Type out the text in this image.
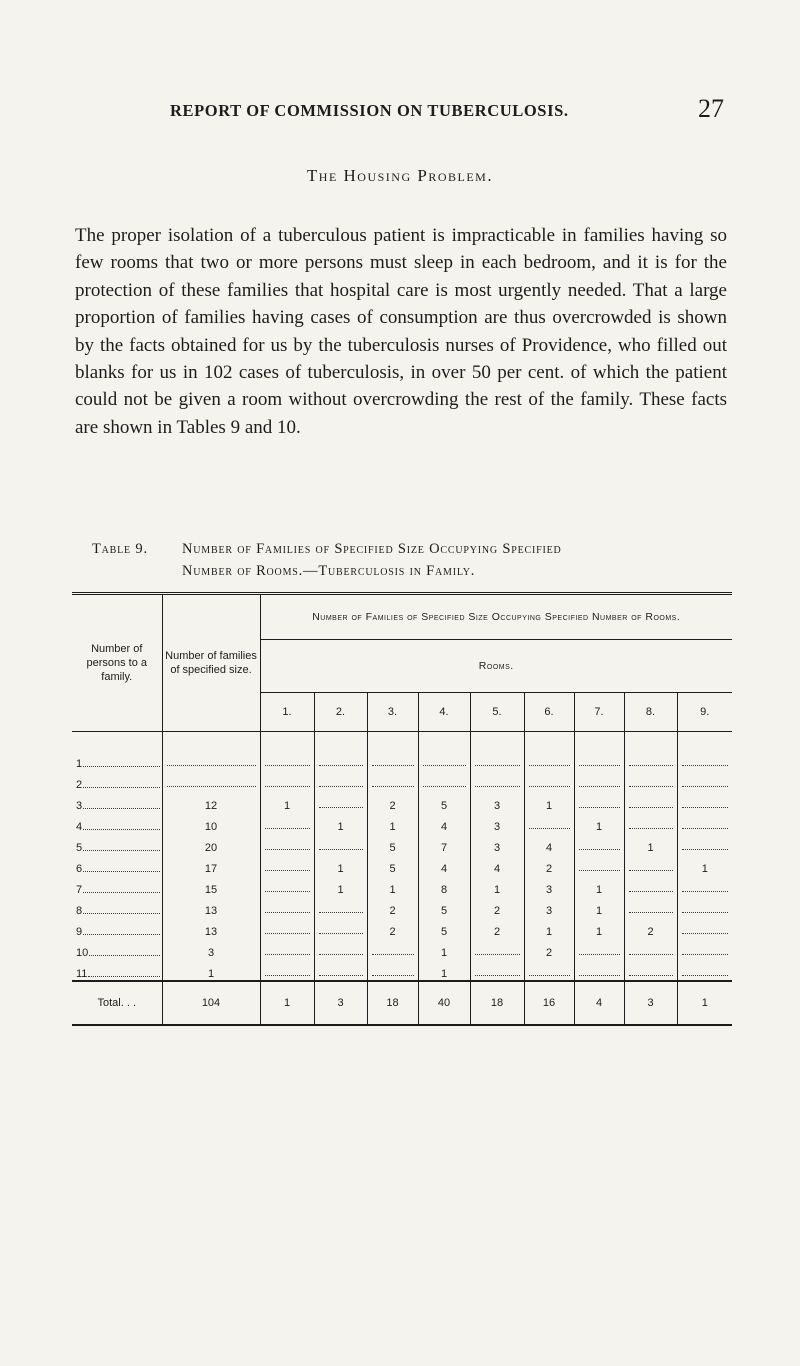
REPORT OF COMMISSION ON TUBERCULOSIS.	27
The Housing Problem.

The proper isolation of a tuberculous patient is impracticable in families having so few rooms that two or more persons must sleep in each bedroom, and it is for the protection of these families that hospital care is most urgently needed. That a large proportion of families having cases of consumption are thus overcrowded is shown by the facts obtained for us by the tuberculosis nurses of Providence, who filled out blanks for us in 102 cases of tuberculosis, in over 50 per cent. of which the patient could not be given a room without overcrowding the rest of the family. These facts are shown in Tables 9 and 10.

Table 9. Number of Families of Specified Size Occupying Specified
Number of Rooms.—Tuberculosis in Family.
Number of persons to a family.	Number of families of specified size.	Number of Families of Specified Size Occupying Specified Number of Rooms.								
		Rooms.								
		1.	2.	3.	4.	5.	6.	7.	8.	9.

1										

2										

3	12	1		2	5	3	1			

4	10		1	1	4	3		1		

5	20			5	7	3	4		1	

6	17		1	5	4	4	2			1

7	15		1	1	8	1	3	1		

8	13			2	5	2	3	1		

9	13			2	5	2	1	1	2	

10	3				1		2			

11	1				1					

Total. . .	104	1	3	18	40	18	16	4	3	1
